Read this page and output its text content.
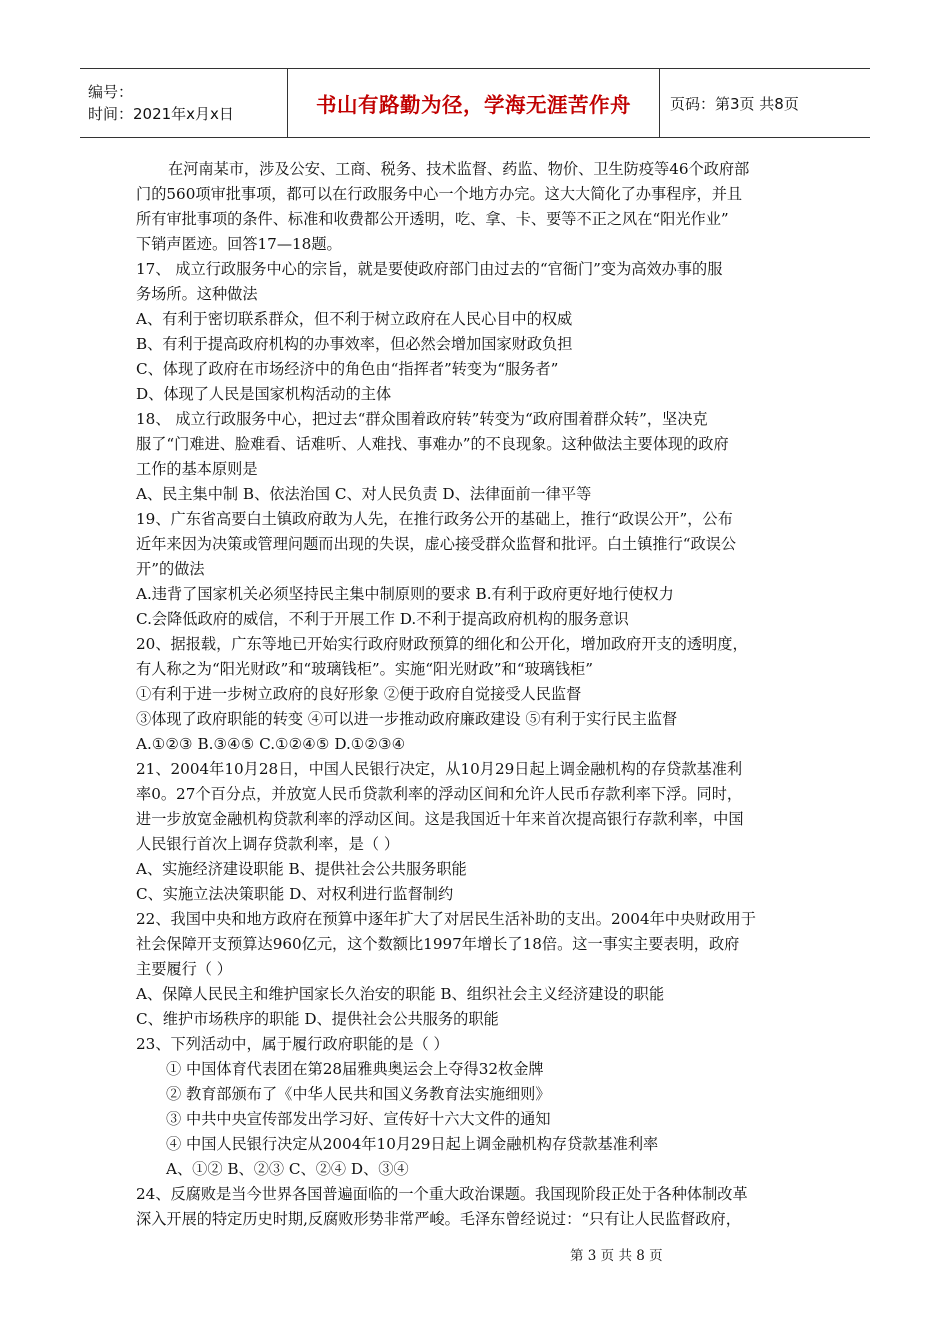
编号：
时间：2021年x月x日	书山有路勤为径，学海无涯苦作舟	页码：第3页 共8页
在河南某市，涉及公安、工商、税务、技术监督、药监、物价、卫生防疫等46个政府部
门的560项审批事项，都可以在行政服务中心一个地方办完。这大大简化了办事程序，并且
所有审批事项的条件、标准和收费都公开透明，吃、拿、卡、要等不正之风在“阳光作业”
下销声匿迹。回答17—18题。
17、 成立行政服务中心的宗旨，就是要使政府部门由过去的“官衙门”变为高效办事的服
务场所。这种做法
A、有利于密切联系群众，但不利于树立政府在人民心目中的权威
B、有利于提高政府机构的办事效率，但必然会增加国家财政负担
C、体现了政府在市场经济中的角色由“指挥者”转变为“服务者”
D、体现了人民是国家机构活动的主体
18、 成立行政服务中心，把过去“群众围着政府转”转变为“政府围着群众转”，坚决克
服了“门难进、脸难看、话难听、人难找、事难办”的不良现象。这种做法主要体现的政府
工作的基本原则是
A、民主集中制 B、依法治国 C、对人民负责 D、法律面前一律平等
19、广东省高要白土镇政府敢为人先，在推行政务公开的基础上，推行“政误公开”，公布
近年来因为决策或管理问题而出现的失误，虚心接受群众监督和批评。白土镇推行“政误公
开”的做法
A.违背了国家机关必须坚持民主集中制原则的要求 B.有利于政府更好地行使权力
C.会降低政府的威信，不利于开展工作 D.不利于提高政府机构的服务意识
20、据报载，广东等地已开始实行政府财政预算的细化和公开化，增加政府开支的透明度，
有人称之为“阳光财政”和“玻璃钱柜”。实施“阳光财政”和“玻璃钱柜”
①有利于进一步树立政府的良好形象 ②便于政府自觉接受人民监督
③体现了政府职能的转变 ④可以进一步推动政府廉政建设 ⑤有利于实行民主监督
A.①②③ B.③④⑤ C.①②④⑤ D.①②③④
21、2004年10月28日，中国人民银行决定，从10月29日起上调金融机构的存贷款基准利
率0。27个百分点，并放宽人民币贷款利率的浮动区间和允许人民币存款利率下浮。同时，
进一步放宽金融机构贷款利率的浮动区间。这是我国近十年来首次提高银行存款利率，中国
人民银行首次上调存贷款利率，是（ ）
A、实施经济建设职能 B、提供社会公共服务职能
C、实施立法决策职能 D、对权利进行监督制约
22、我国中央和地方政府在预算中逐年扩大了对居民生活补助的支出。2004年中央财政用于
社会保障开支预算达960亿元，这个数额比1997年增长了18倍。这一事实主要表明，政府
主要履行（ ）
A、保障人民民主和维护国家长久治安的职能 B、组织社会主义经济建设的职能
C、维护市场秩序的职能 D、提供社会公共服务的职能
23、下列活动中，属于履行政府职能的是（ ）
① 中国体育代表团在第28届雅典奥运会上夺得32枚金牌
② 教育部颁布了《中华人民共和国义务教育法实施细则》
③ 中共中央宣传部发出学习好、宣传好十六大文件的通知
④ 中国人民银行决定从2004年10月29日起上调金融机构存贷款基准利率
A、①② B、②③ C、②④ D、③④
24、反腐败是当今世界各国普遍面临的一个重大政治课题。我国现阶段正处于各种体制改革
深入开展的特定历史时期,反腐败形势非常严峻。毛泽东曾经说过：“只有让人民监督政府，
第 3 页 共 8 页
